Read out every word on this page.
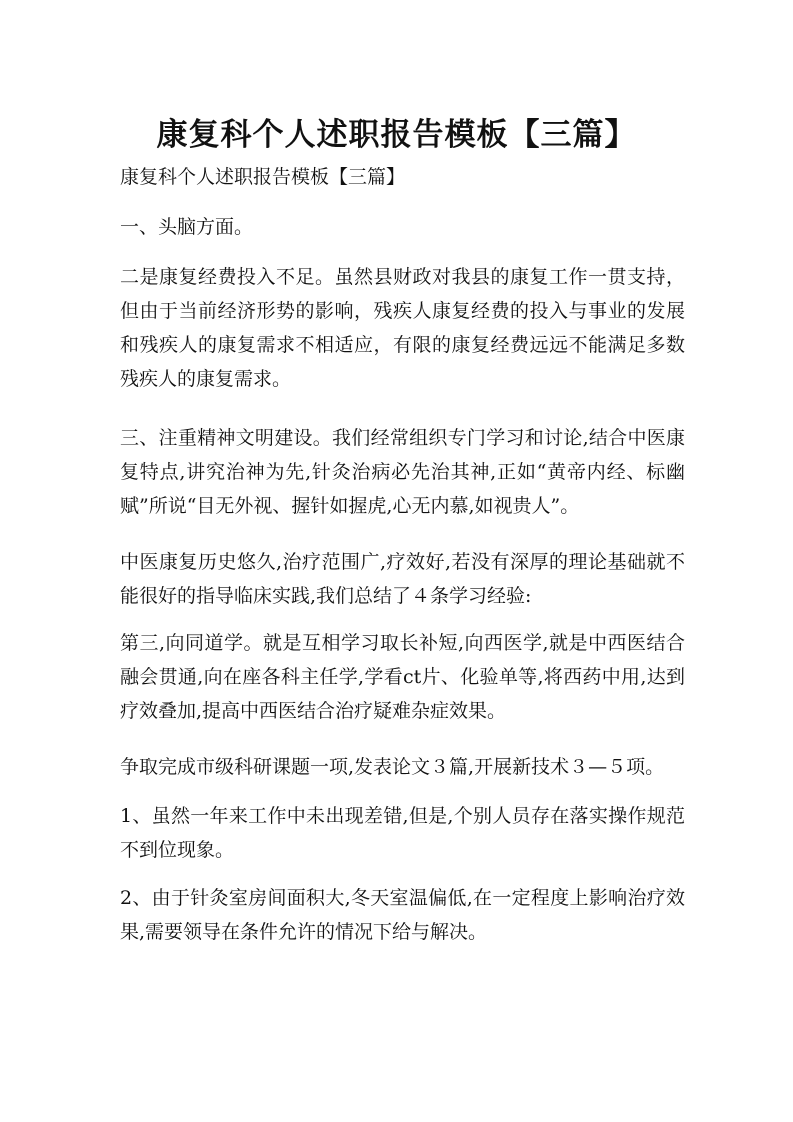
康复科个人述职报告模板【三篇】

康复科个人述职报告模板【三篇】

一、头脑方面。

二是康复经费投入不足。虽然县财政对我县的康复工作一贯支持，但由于当前经济形势的影响，残疾人康复经费的投入与事业的发展和残疾人的康复需求不相适应，有限的康复经费远远不能满足多数残疾人的康复需求。

三、注重精神文明建设。我们经常组织专门学习和讨论,结合中医康复特点,讲究治神为先,针灸治病必先治其神,正如“黄帝内经、标幽赋”所说“目无外视、握针如握虎,心无内慕,如视贵人”。

中医康复历史悠久,治疗范围广,疗效好,若没有深厚的理论基础就不能很好的指导临床实践,我们总结了４条学习经验:

第三,向同道学。就是互相学习取长补短,向西医学,就是中西医结合融会贯通,向在座各科主任学,学看ct片、化验单等,将西药中用,达到疗效叠加,提高中西医结合治疗疑难杂症效果。

争取完成市级科研课题一项,发表论文３篇,开展新技术３—５项。

1、虽然一年来工作中未出现差错,但是,个别人员存在落实操作规范不到位现象。

2、由于针灸室房间面积大,冬天室温偏低,在一定程度上影响治疗效果,需要领导在条件允许的情况下给与解决。
